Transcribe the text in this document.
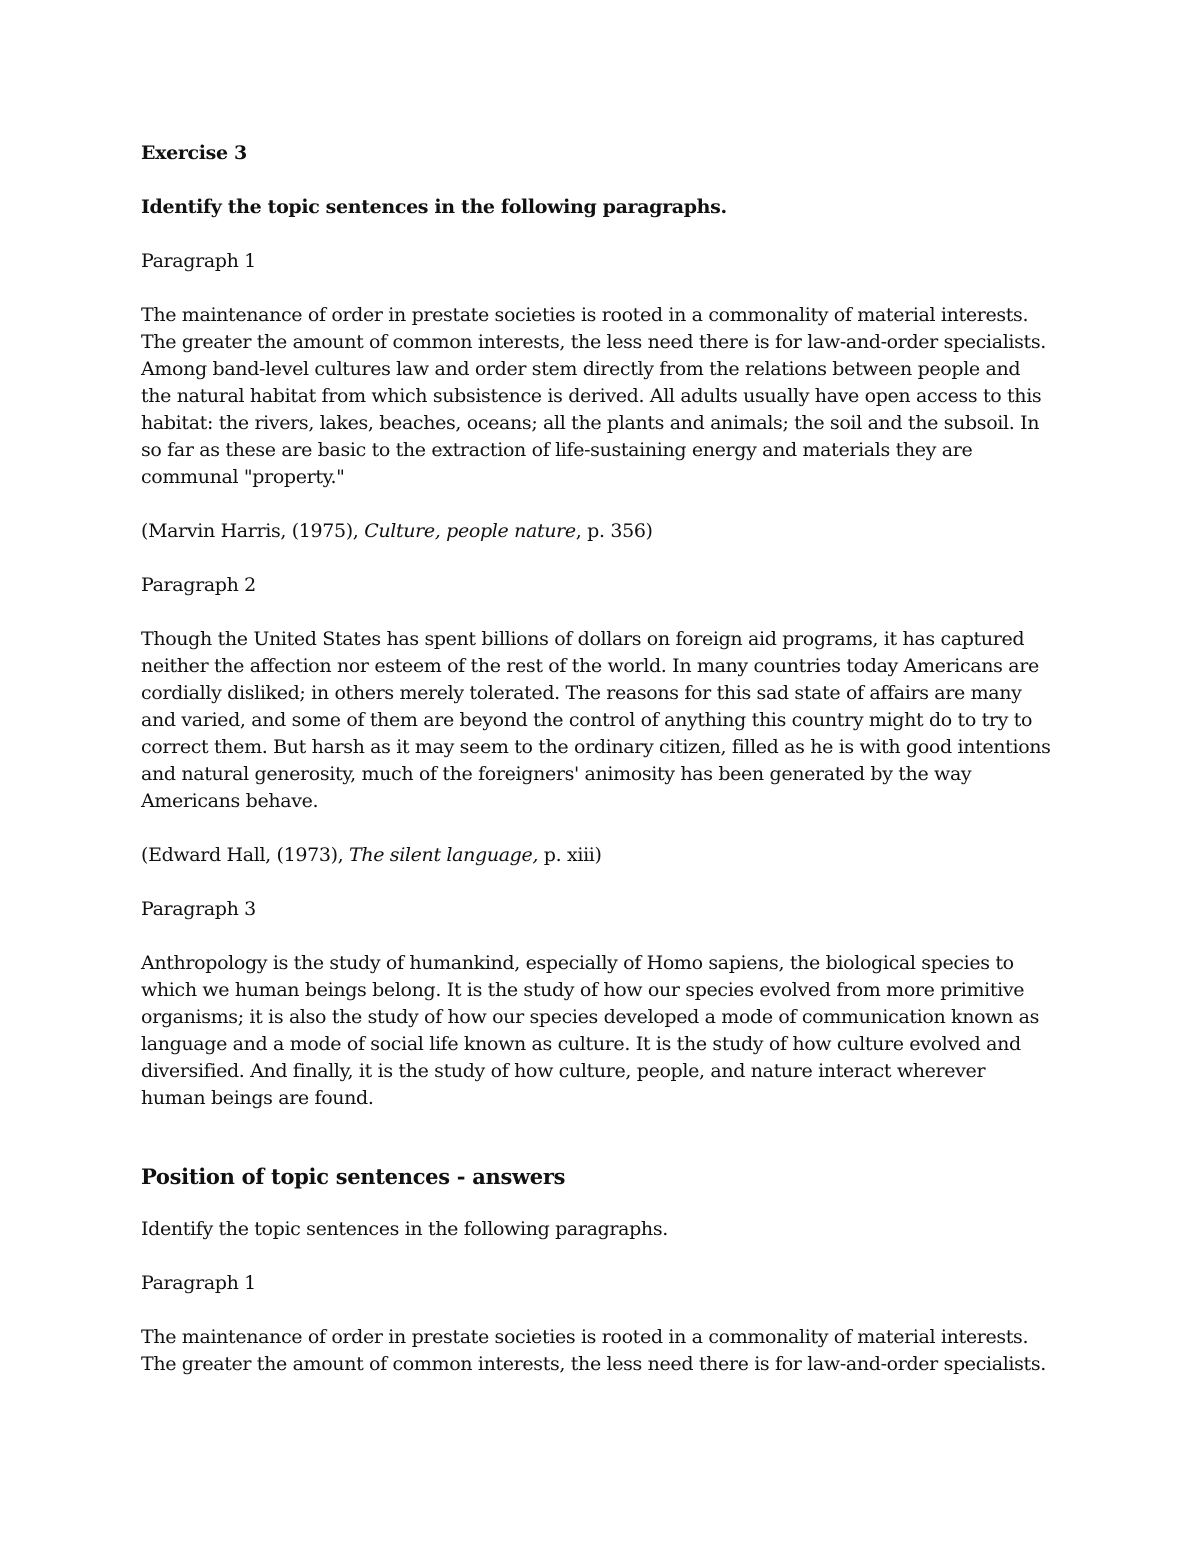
Exercise 3
Identify the topic sentences in the following paragraphs.
Paragraph 1
The maintenance of order in prestate societies is rooted in a commonality of material interests.
The greater the amount of common interests, the less need there is for law-and-order specialists.
Among band-level cultures law and order stem directly from the relations between people and
the natural habitat from which subsistence is derived. All adults usually have open access to this
habitat: the rivers, lakes, beaches, oceans; all the plants and animals; the soil and the subsoil. In
so far as these are basic to the extraction of life-sustaining energy and materials they are
communal "property."
(Marvin Harris, (1975), Culture, people nature, p. 356)
Paragraph 2
Though the United States has spent billions of dollars on foreign aid programs, it has captured
neither the affection nor esteem of the rest of the world. In many countries today Americans are
cordially disliked; in others merely tolerated. The reasons for this sad state of affairs are many
and varied, and some of them are beyond the control of anything this country might do to try to
correct them. But harsh as it may seem to the ordinary citizen, filled as he is with good intentions
and natural generosity, much of the foreigners' animosity has been generated by the way
Americans behave.
(Edward Hall, (1973), The silent language, p. xiii)
Paragraph 3
Anthropology is the study of humankind, especially of Homo sapiens, the biological species to
which we human beings belong. It is the study of how our species evolved from more primitive
organisms; it is also the study of how our species developed a mode of communication known as
language and a mode of social life known as culture. It is the study of how culture evolved and
diversified. And finally, it is the study of how culture, people, and nature interact wherever
human beings are found.
Position of topic sentences - answers
Identify the topic sentences in the following paragraphs.
Paragraph 1
The maintenance of order in prestate societies is rooted in a commonality of material interests.
The greater the amount of common interests, the less need there is for law-and-order specialists.
